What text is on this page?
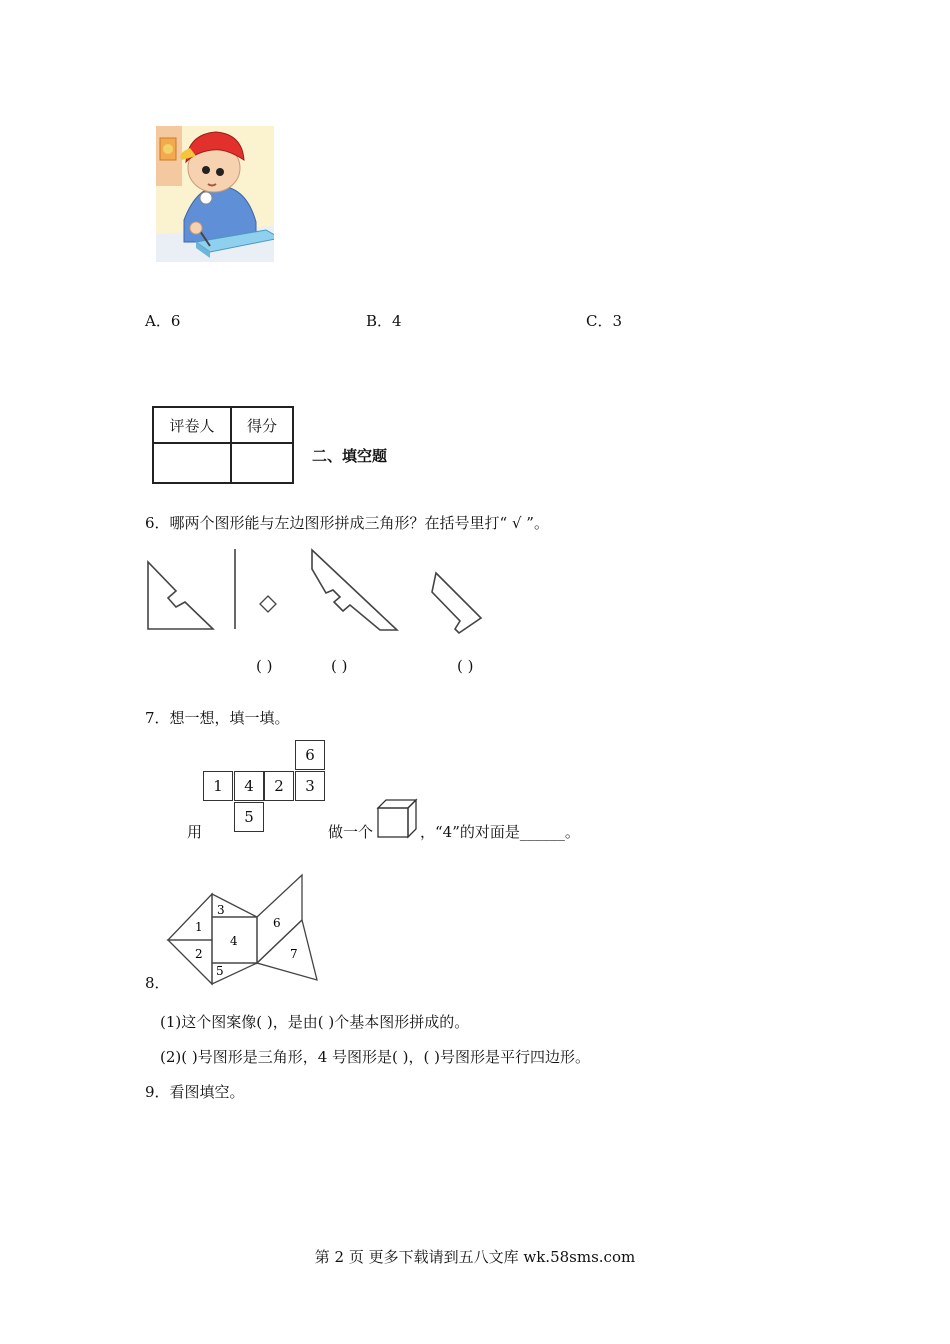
A．6	B．4	C．3
评卷人	得分

二、填空题
6．哪两个图形能与左边图形拼成三角形？在括号里打“ √ ”。
( )	( )	( )
7．想一想，填一填。
6
1	4	2	3
5
用	做一个	，“4”的对面是______。
1
2
3
4
5
6
7
8．
(1)这个图案像( )，是由( )个基本图形拼成的。
(2)( )号图形是三角形，4 号图形是( )，( )号图形是平行四边形。
9．看图填空。
第 2 页 更多下载请到五八文库 wk.58sms.com
